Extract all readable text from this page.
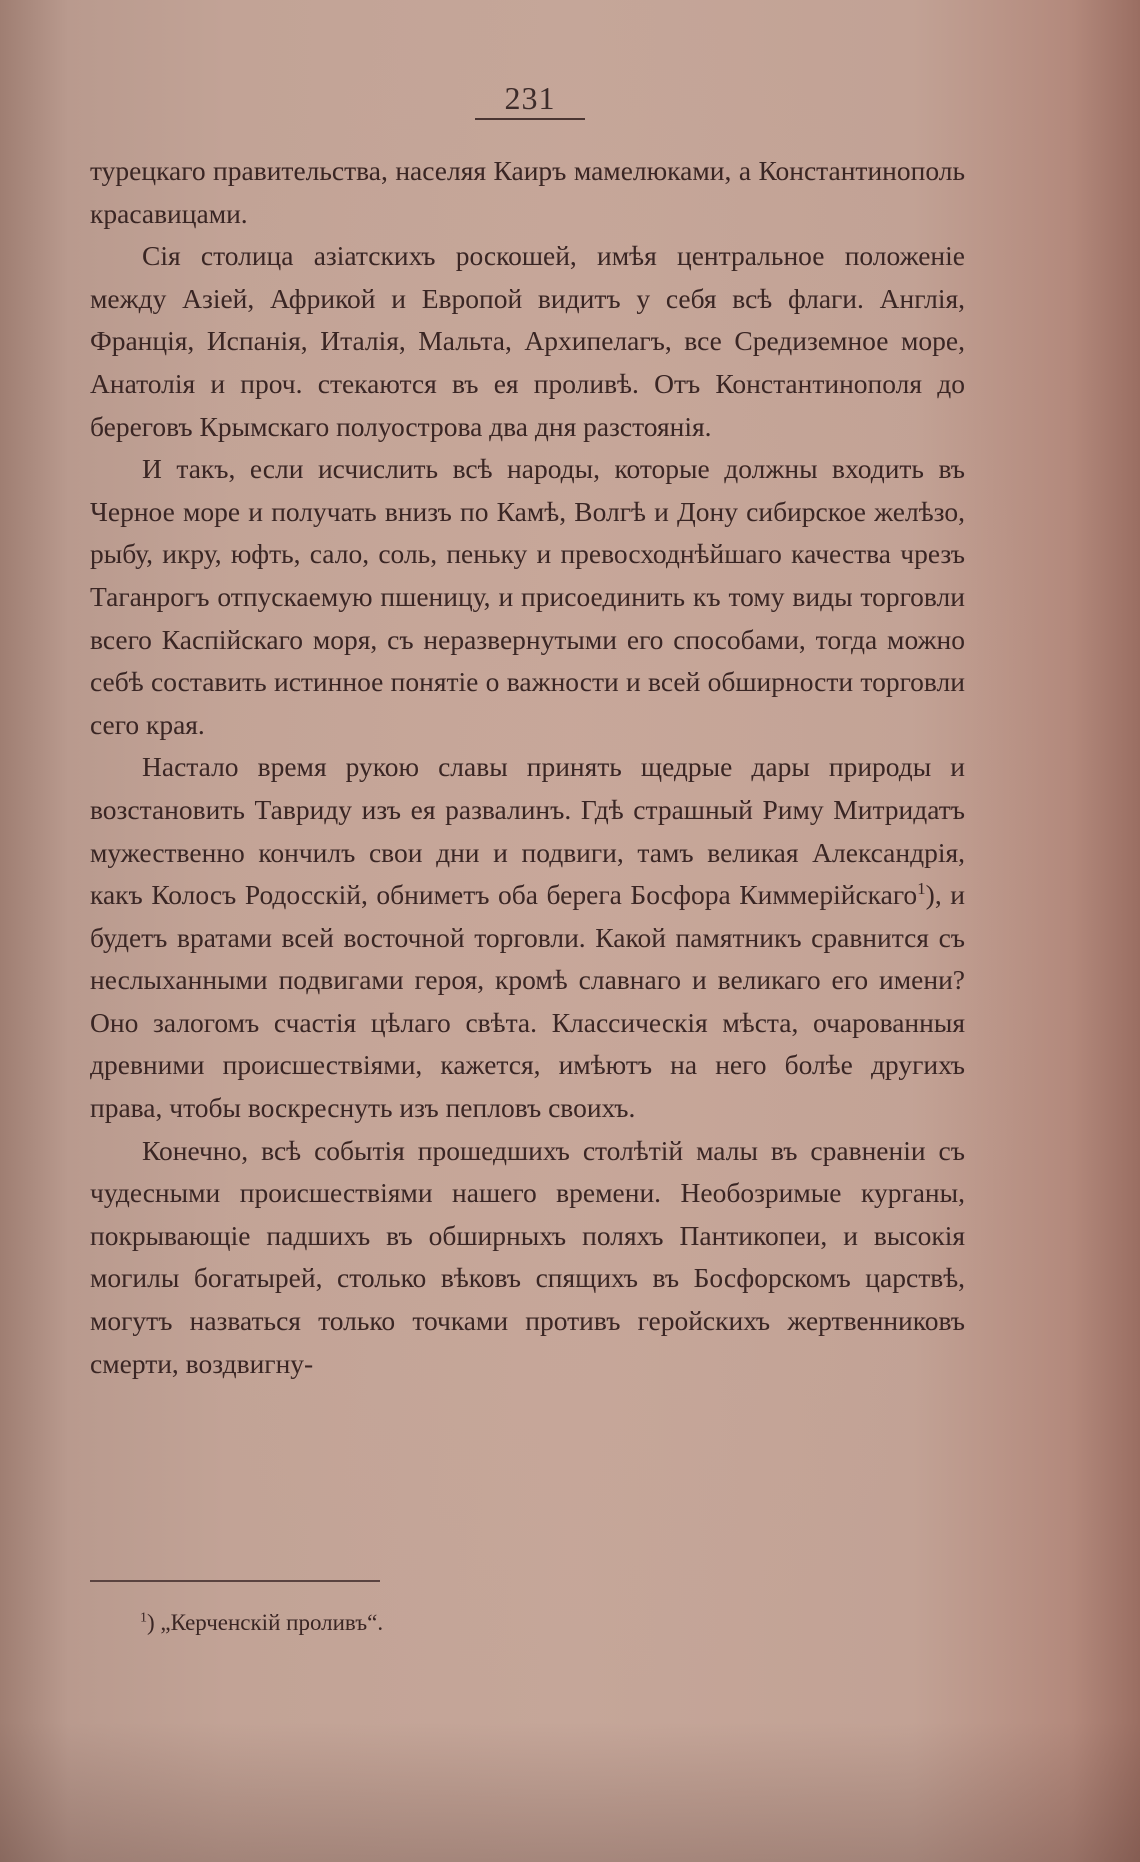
231

турецкаго правительства, населяя Каиръ мамелюками, а Константинополь красавицами.

Сія столица азіатскихъ роскошей, имѣя центральное положеніе между Азіей, Африкой и Европой видитъ у себя всѣ флаги. Англія, Франція, Испанія, Италія, Мальта, Архипелагъ, все Средиземное море, Анатолія и проч. стекаются въ ея проливѣ. Отъ Константинополя до береговъ Крымскаго полуострова два дня разстоянія.

И такъ, если исчислить всѣ народы, которые должны входить въ Черное море и получать внизъ по Камѣ, Волгѣ и Дону сибирское желѣзо, рыбу, икру, юфть, сало, соль, пеньку и превосходнѣйшаго качества чрезъ Таганрогъ отпускаемую пшеницу, и присоединить къ тому виды торговли всего Каспійскаго моря, съ неразвернутыми его способами, тогда можно себѣ составить истинное понятіе о важности и всей обширности торговли сего края.

Настало время рукою славы принять щедрые дары природы и возстановить Тавриду изъ ея развалинъ. Гдѣ страшный Риму Митридатъ мужественно кончилъ свои дни и подвиги, тамъ великая Александрія, какъ Колосъ Родосскій, обниметъ оба берега Босфора Киммерійскаго$^1$), и будетъ вратами всей восточной торговли. Какой памятникъ сравнится съ неслыханными подвигами героя, кромѣ славнаго и великаго его имени? Оно залогомъ счастія цѣлаго свѣта. Классическія мѣста, очарованныя древними происшествіями, кажется, имѣютъ на него болѣе другихъ права, чтобы воскреснуть изъ пепловъ своихъ.

Конечно, всѣ событія прошедшихъ столѣтій малы въ сравненіи съ чудесными происшествіями нашего времени. Необозримые курганы, покрывающіе падшихъ въ обширныхъ поляхъ Пантикопеи, и высокія могилы богатырей, столько вѣковъ спящихъ въ Босфорскомъ царствѣ, могутъ назваться только точками противъ геройскихъ жертвенниковъ смерти, воздвигну-

$^1$) „Керченскій проливъ“.
